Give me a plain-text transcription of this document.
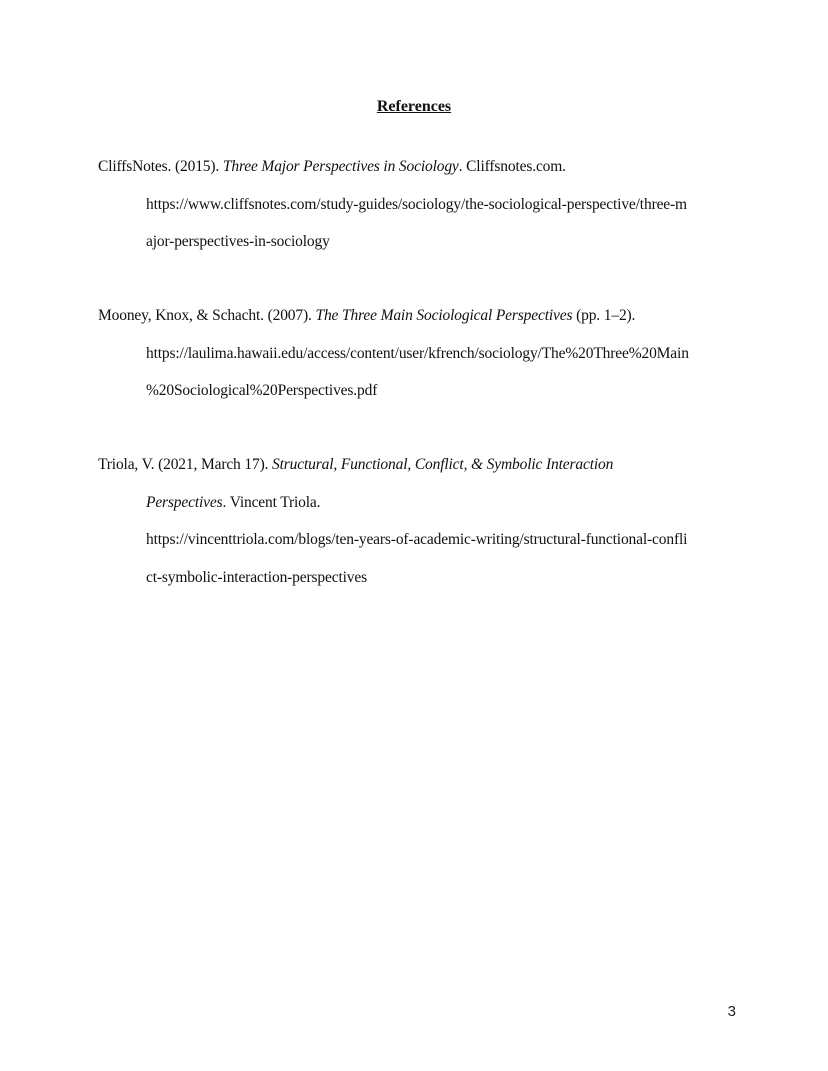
References
CliffsNotes. (2015). Three Major Perspectives in Sociology. Cliffsnotes.com.
https://www.cliffsnotes.com/study-guides/sociology/the-sociological-perspective/three-m
ajor-perspectives-in-sociology
Mooney, Knox, & Schacht. (2007). The Three Main Sociological Perspectives (pp. 1–2).
https://laulima.hawaii.edu/access/content/user/kfrench/sociology/The%20Three%20Main
%20Sociological%20Perspectives.pdf
Triola, V. (2021, March 17). Structural, Functional, Conflict, & Symbolic Interaction
Perspectives. Vincent Triola.
https://vincenttriola.com/blogs/ten-years-of-academic-writing/structural-functional-confli
ct-symbolic-interaction-perspectives
3
